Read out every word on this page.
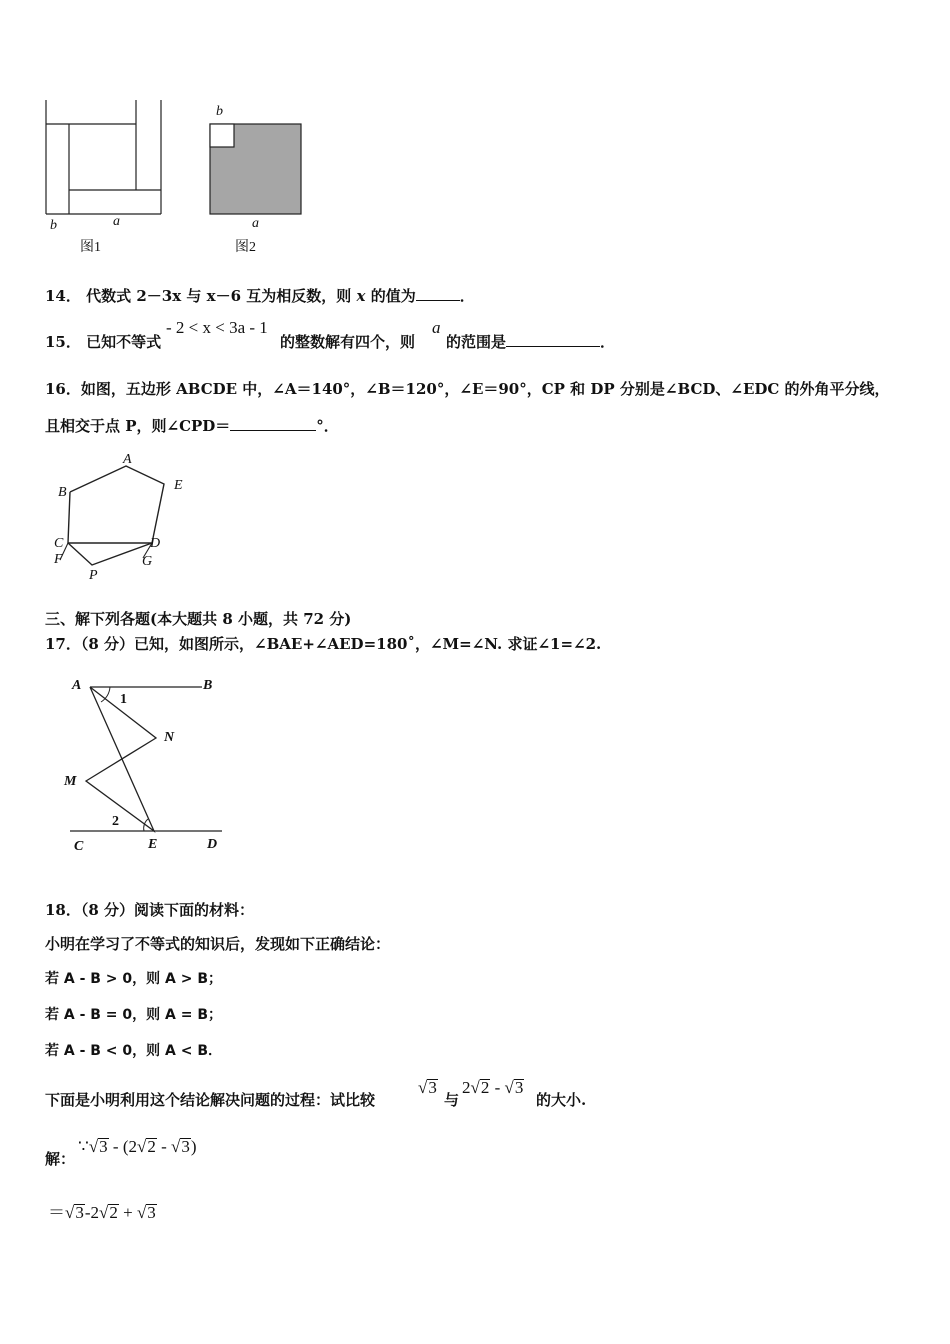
b	a
图1
b
a
图2
14． 代数式 2－3x 与 x－6 互为相反数，则 x 的值为	．
15． 已知不等式
- 2 < x < 3a - 1
的整数解有四个，则
a
的范围是	．
16．如图，五边形 ABCDE 中，∠A＝140°，∠B＝120°，∠E＝90°，CP 和 DP 分别是∠BCD、∠EDC 的外角平分线，
且相交于点 P，则∠CPD＝	°．
A
B	E
C	D
F	G
P
三、解下列各题(本大题共 8 小题，共 72 分)
17．（8 分）已知，如图所示，∠BAE+∠AED=180˚，∠M=∠N. 求证∠1=∠2.
A	B
1
N
M
2
C	E	D
18．（8 分）阅读下面的材料：
小明在学习了不等式的知识后，发现如下正确结论：
若 A - B > 0，则 A > B；
若 A - B = 0，则 A = B；
若 A - B < 0，则 A < B．
下面是小明利用这个结论解决问题的过程：试比较
√3
与
2√2 - √3
的大小.
解：
∵√3 - (2√2 - √3)
＝√3-2√2 + √3
